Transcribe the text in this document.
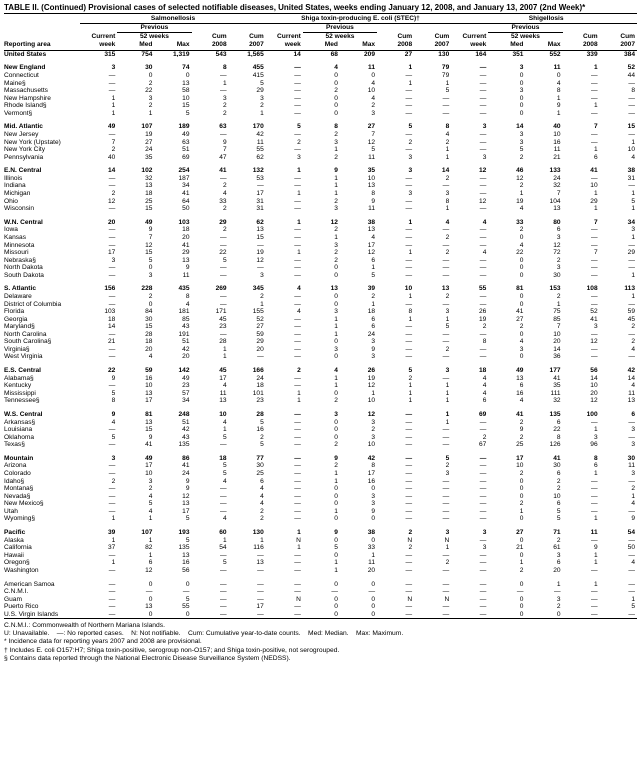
TABLE II. (Continued) Provisional cases of selected notifiable diseases, United States, weeks ending January 12, 2008, and January 13, 2007 (2nd Week)*
	Salmonellosis					Shiga toxin-producing E. coli (STEC)†					Shigellosis				
		Previous					Previous					Previous			
	Current	52 weeks		Cum	Cum	Current	52 weeks		Cum	Cum	Current	52 weeks		Cum	Cum
Reporting area	week	Med	Max	2008	2007	week	Med	Max	2008	2007	week	Med	Max	2008	2007
United States	315	754	1,319	543	1,565	14	68	209	27	130	164	351	552	339	384

New England	3	30	74	8	455	—	4	11	1	79	—	3	11	1	52
Connecticut	—	0	0	—	415	—	0	0	—	79	—	0	0	—	44
Maine§	—	2	13	1	5	—	0	4	1	1	—	0	4	—	—
Massachusetts	—	22	58	—	29	—	2	10	—	5	—	3	8	—	8
New Hampshire	1	3	10	3	3	—	0	4	—	—	—	0	1	—	—
Rhode Island§	1	2	15	2	2	—	0	2	—	—	—	0	9	1	—
Vermont§	1	1	5	2	1	—	0	3	—	—	—	0	1	—	—

Mid. Atlantic	49	107	189	63	170	5	8	27	5	8	3	14	40	7	15
New Jersey	—	19	49	—	42	—	2	7	—	4	—	3	10	—	—
New York (Upstate)	7	27	63	9	11	2	3	12	2	2	—	3	16	—	1
New York City	2	24	51	7	55	—	1	5	—	1	—	5	11	1	10
Pennsylvania	40	35	69	47	62	3	2	11	3	1	3	2	21	6	4

E.N. Central	14	102	254	41	132	1	9	35	3	14	12	46	133	41	38
Illinois	—	32	187	—	53	—	1	10	—	2	—	12	24	—	31
Indiana	—	13	34	2	—	—	1	13	—	—	—	2	32	10	—
Michigan	2	18	41	4	17	1	1	8	3	3	—	1	7	1	1
Ohio	12	25	64	33	31	—	2	9	—	8	12	19	104	29	5
Wisconsin	—	15	50	2	31	—	3	11	—	1	—	4	13	1	1

W.N. Central	20	49	103	29	62	1	12	38	1	4	4	33	80	7	34
Iowa	—	9	18	2	13	—	2	13	—	—	—	2	6	—	3
Kansas	—	7	20	—	15	—	1	4	—	2	—	0	3	—	1
Minnesota	—	12	41	—	—	—	3	17	—	—	—	4	12	—	—
Missouri	17	15	29	22	19	1	2	12	1	2	4	22	72	7	29
Nebraska§	3	5	13	5	12	—	2	6	—	—	—	0	2	—	—
North Dakota	—	0	9	—	—	—	0	1	—	—	—	0	3	—	—
South Dakota	—	3	11	—	3	—	0	5	—	—	—	0	30	—	1

S. Atlantic	156	228	435	269	345	4	13	39	10	13	55	81	153	108	113
Delaware	—	2	8	—	2	—	0	2	1	2	—	0	2	—	1
District of Columbia	—	0	4	—	1	—	0	1	—	—	—	0	1	—	—
Florida	103	84	181	171	155	4	3	18	8	3	26	41	75	52	59
Georgia	18	30	85	45	52	—	1	6	1	1	19	27	85	41	45
Maryland§	14	15	43	23	27	—	1	6	—	5	2	2	7	3	2
North Carolina	—	28	191	—	59	—	1	24	—	—	—	0	10	—	—
South Carolina§	21	18	51	28	29	—	0	3	—	—	8	4	20	12	2
Virginia§	—	20	42	1	20	—	3	9	—	2	—	3	14	—	4
West Virginia	—	4	20	1	—	—	0	3	—	—	—	0	36	—	—

E.S. Central	22	59	142	45	166	2	4	26	5	3	18	49	177	56	42
Alabama§	9	16	49	17	24	—	1	19	2	—	4	13	41	14	14
Kentucky	—	10	23	4	18	—	1	12	1	1	4	6	35	10	4
Mississippi	5	13	57	11	101	1	0	1	1	1	4	16	111	20	11
Tennessee§	8	17	34	13	23	1	2	10	1	1	6	4	32	12	13

W.S. Central	9	81	248	10	28	—	3	12	—	1	69	41	135	100	6
Arkansas§	4	13	51	4	5	—	0	3	—	1	—	2	6	—	—
Louisiana	—	15	42	1	16	—	0	2	—	—	—	9	22	1	3
Oklahoma	5	9	43	5	2	—	0	3	—	—	2	2	8	3	—
Texas§	—	41	135	—	5	—	2	10	—	—	67	25	126	96	3

Mountain	3	49	86	18	77	—	9	42	—	5	—	17	41	8	30
Arizona	—	17	41	5	30	—	2	8	—	2	—	10	30	6	11
Colorado	—	10	24	5	25	—	1	17	—	3	—	2	6	1	3
Idaho§	2	3	9	4	6	—	1	16	—	—	—	0	2	—	—
Montana§	—	2	9	—	4	—	0	0	—	—	—	0	2	—	2
Nevada§	—	4	12	—	4	—	0	3	—	—	—	0	10	—	1
New Mexico§	—	5	13	—	4	—	0	3	—	—	—	2	6	—	4
Utah	—	4	17	—	2	—	1	9	—	—	—	1	5	—	—
Wyoming§	1	1	5	4	2	—	0	0	—	—	—	0	5	1	9

Pacific	39	107	193	60	130	1	9	38	2	3	3	27	71	11	54
Alaska	1	1	5	1	1	N	0	0	N	N	—	0	2	—	—
California	37	82	135	54	116	1	5	33	2	1	3	21	61	9	50
Hawaii	—	1	13	—	—	—	0	1	—	—	—	0	3	1	—
Oregon§	1	6	16	5	13	—	1	11	—	2	—	1	6	1	4
Washington	—	12	56	—	—	—	1	20	—	—	—	2	20	—	—

American Samoa	—	0	0	—	—	—	0	0	—	—	—	0	1	1	—
C.N.M.I.	—	—	—	—	—	—	—	—	—	—	—	—	—	—	—
Guam	—	0	5	—	—	N	0	0	N	N	—	0	3	—	1
Puerto Rico	—	13	55	—	17	—	0	0	—	—	—	0	2	—	5
U.S. Virgin Islands	—	0	0	—	—	—	0	0	—	—	—	0	0	—	—
C.N.M.I.: Commonwealth of Northern Mariana Islands.
U: Unavailable.    —: No reported cases.    N: Not notifiable.    Cum: Cumulative year-to-date counts.    Med: Median.    Max: Maximum.
* Incidence data for reporting years 2007 and 2008 are provisional.
† Includes E. coli O157:H7; Shiga toxin-positive, serogroup non-O157; and Shiga toxin-positive, not serogrouped.
§ Contains data reported through the National Electronic Disease Surveillance System (NEDSS).
